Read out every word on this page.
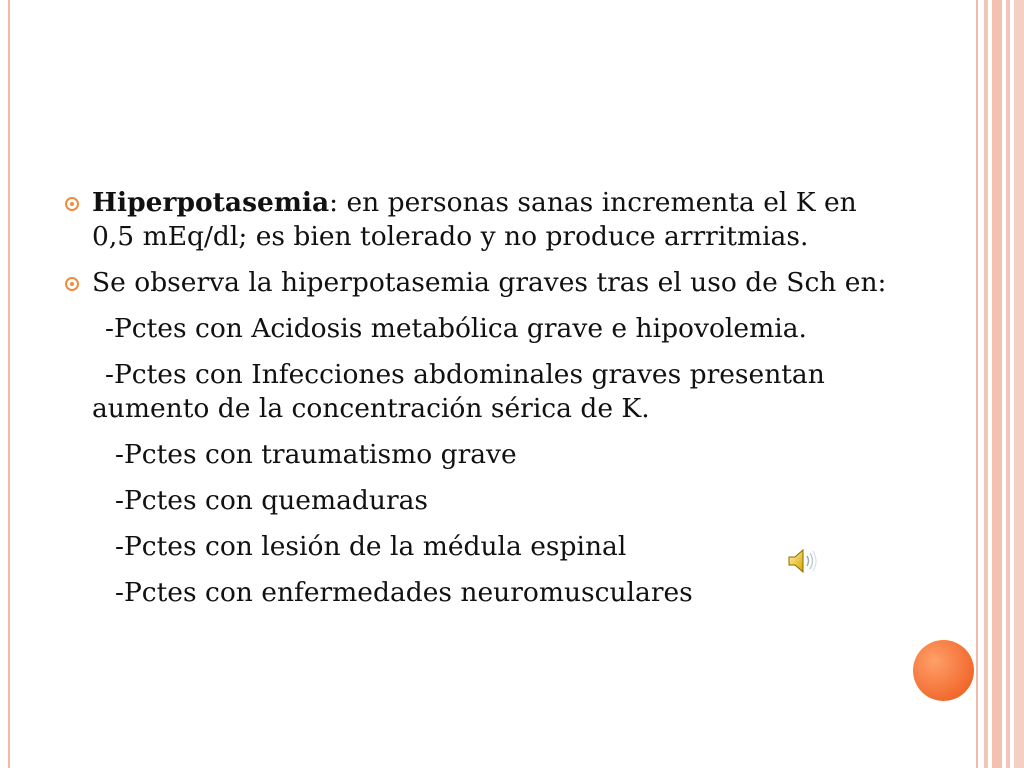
Hiperpotasemia: en personas sanas incrementa el K en 0,5 mEq/dl; es bien tolerado y no produce arrritmias.
Se observa la hiperpotasemia graves tras el uso de Sch en:
-Pctes con Acidosis metabólica grave e hipovolemia.
-Pctes con Infecciones abdominales graves presentan aumento de la concentración sérica de K.
-Pctes con traumatismo grave
-Pctes con quemaduras
-Pctes con lesión de la médula espinal
-Pctes con enfermedades neuromusculares
